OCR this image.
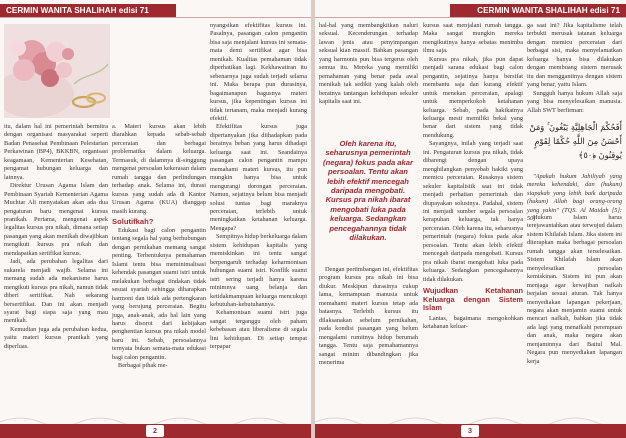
CERMIN WANITA SHALIHAH edisi 71

itu, dalam hal ini pemerintah bermitra dengan organisasi masyarakat seperti Badan Penasehat Pembinaan Pelestarian Perkawinan (BP4), BKKBN, organisasi keagamaan, Kementerian Kesehatan, pengamat hubungan keluarga dan lainnya.

Direktur Urusan Agama Islam dan Pembinaan Syariah Kementerian Agama Muchtar Ali menyatakan akan ada dua pengaturan baru mengenai kursus pranikah. Pertama, mengenai aspek legalitas kursus pra nikah, dimana setiap pasangan yang akan menikah diwajibkan mengikuti kursus pra nikah dan mendapatkan sertifikat kursus.

Jadi, ada perubahan legalitas dari sukarela menjadi wajib. Selama ini memang sudah ada mekanisme harus mengikuti kursus pra nikah, namun tidak diberi sertifikat. Nah sekarang bersertifikat. Dan ini akan menjadi syarat bagi siapa saja yang mau menikah.

Kemudian juga ada perubahan kedua, yaitu materi kursus pranikah yang diperluas.

a. Materi kursus akan lebih diarahkan kepada sebab-sebab perceraian dan berbagai problematika dalam keluarga. Termasuk, di dalamnya di-singgung mengenai persoalan kekerasan dalam rumah tangga dan perlindungan terhadap anak. Selama ini, durasi kursus yang sudah ada di Kantor Urusan Agama (KUA) dianggap masih kurang.

Solutifkah?

Edukasi bagi calon pengantin tentang segala hal yang berhubungan dengan pernikahan memang sangat penting. Terbentuknya pemahaman Islami tentu bisa meminimalisasi kehendak pasangan suami istri untuk melakukan berbagai tindakan tidak sesuai syariah sehingga diharapkan harmoni dan tidak ada pertengkaran yang berujung perceraian. Begitu juga, anak-anak, ada hal lain yang harus disorot dari kebijakan penghentian kursus pra nikah model baru ini. Sebab, persoalannya ternyata bukan semata-mata edukasi bagi calon pengantin.

Berbagai pihak me-

nyangsikan efektifitas kursus ini. Pasalnya, pasangan calon pengantin bisa saja menjalani kursus ini semata-mata demi sertifikat agar bisa menikah. Kualitas pemahaman tidak diperhatikan lagi. Kekhawatiran itu sebenarnya juga sudah terjadi selama ini. Maka berapa pun durasinya, bagaimanapun bagusnya materi kursus, jika kepentingan kursus ini tidak tertanam, maka menjadi kurang efektif.

Efektifitas kursus juga dipertanyakan jika diihadapkan pada beratnya beban yang harus dihadapi keluarga saat ini. Seandainya pasangan calon pengantin mampu memahami materi kursus, itu pun mungkin hanya bisa untuk mengurangi dorongan perceraian. Namun, sejatinya belum bisa menjadi solusi tuntas bagi maraknya perceraian, terlebih untuk meningkatkan ketahanan keluarga. Mengapa?

Sempitnya hidup berkeluarga dalam sistem kehidupan kapitalis yang memiskinkan ini tentu sangat berpengaruh terhadap keharmonisan hubungan suami istri. Konflik suami istri sering terjadi hanya karena minimnya uang belanja dan ketidakmampuan keluarga mencukupi kebutuhan-kebutuhannya.

Kehamonisan suami istri juga sangat terganggu oleh paham kebebasan atau liberalisme di segala lini kehidupan. Di setiap tempat terpapar

2
CERMIN WANITA SHALIHAH edisi 71

hal-hal yang membangkitkan naluri seksual. Kecenderungan terhadap lawan jenis atau penyimpangan seksual kian massif. Bahkan pasangan yang harmonis pun bisa tergerus oleh semua itu. Mereka yang memiliki pemahaman yang benar pada awal menikah tak sedikit yang kalah oleh beratnya tantangan kehidupan sekuler kapitalis saat ini.

Oleh karena itu, seharusnya pemerintah (negara) fokus pada akar persoalan. Tentu akan lebih efektif mencegah daripada mengobati. Kursus pra nikah ibarat mengobati luka pada keluarga. Sedangkan pencegahannya tidak dilakukan.

Dengan pertimbangan ini, efektifitas program kursus pra nikah ini bisa diukur. Meskipun durasinya cukup lama, kemampuan manusia untuk memahami materi kursus tetap ada batasnya. Terlebih kursus itu dilaksanakan sebelum pernikahan, pada kondisi pasangan yang belum mengalami rumitnya hidup berumah tangga. Tentu saja pemahamannya sangat minim dibandingkan jika menerima

kursus saat menjalani rumah tangga. Maka sangat mungkin mereka mengikutinya hanya sebatas menimba ilmu saja.

Kursus pra nikah, jika pun dapat menjadi sarana edukasi bagi calon pengantin, sejatinya hanya bersifat membantu saja dan kurang efektif untuk menekan perceraian, apalagi untuk memperkokoh ketahanan keluarga. Sebab, pada hakikatnya keluarga mesti memiliki bekal yang benar dari sistem yang tidak mendukung.

Sayangnya, inilah yang terjadi saat ini. Pengaturan kursus pra nikah, tidak dibarengi dengan upaya menghilangkan penyebab hakiki yang memicu perceraian. Rusaknya sistem sekuler kapitalistik saat ini tidak menjadi perhatian pemerintah dan diupayakan solusinya. Padahal, sistem ini menjadi sumber segala persoalan kerapuhan keluarga, tak hanya perceraian. Oleh karena itu, seharusnya pemerintah (negara) fokus pada akar persoalan. Tentu akan lebih efektif mencegah daripada mengobati. Kursus pra nikah ibarat mengobati luka pada keluarga. Sedangkan pencegahannya tidak dilakukan.

Wujudkan Ketahanan Keluarga dengan Sistem Islam

Lantas, bagaimana mengokohkan ketahanan keluar-

ga saat ini? Jika kapitalisme telah terbukti merusak tatanan keluarga dengan memicu perceraian dari berbagai sisi, maka menyelamatkan keluarga hanya bisa dilakukan dengan membuang sistem merusak itu dan menggantinya dengan sistem yang benar, yaitu Islam.

Sungguh hanya hukum Allah saja yang bisa menyelesaikan manusia. Allah SWT berfirman:

أَفَحُكْمَ الْجَاهِلِيَّةِ يَبْغُونَ ۚ وَمَنْ أَحْسَنُ مِنَ اللَّهِ حُكْمًا لِقَوْمٍ يُوقِنُونَ ﴿٥٠﴾

"Apakah hukum Jahiliyah yang mereka kehendaki, dan (hukum) siapakah yang lebih baik daripada (hukum) Allah bagi orang-orang yang yakin" (TQS. Al Maidah [5]: 50)

Hukum Islam harus terejawantahkan atau terwujud dalam sistem Khilafah Islam. Jika sistem ini diterapkan maka berbagai persoalan rumah tangga akan terselesaikan. Sistem Khilafah Islam akan menyelesaikan persoalan kemiskinan. Sistem ini pun akan menjaga agar kewajiban nafkah berjalan sesuai aturan. Tak hanya menyediakan lapangan pekerjaan, negara akan menjamin suami untuk mencari nafkah, bahkan jika tidak ada lagi yang menafkahi perempuan dan anak, maka negara akan menjaminnya dari Baitul Mal. Negara pun menyediakan lapangan kerja

3
